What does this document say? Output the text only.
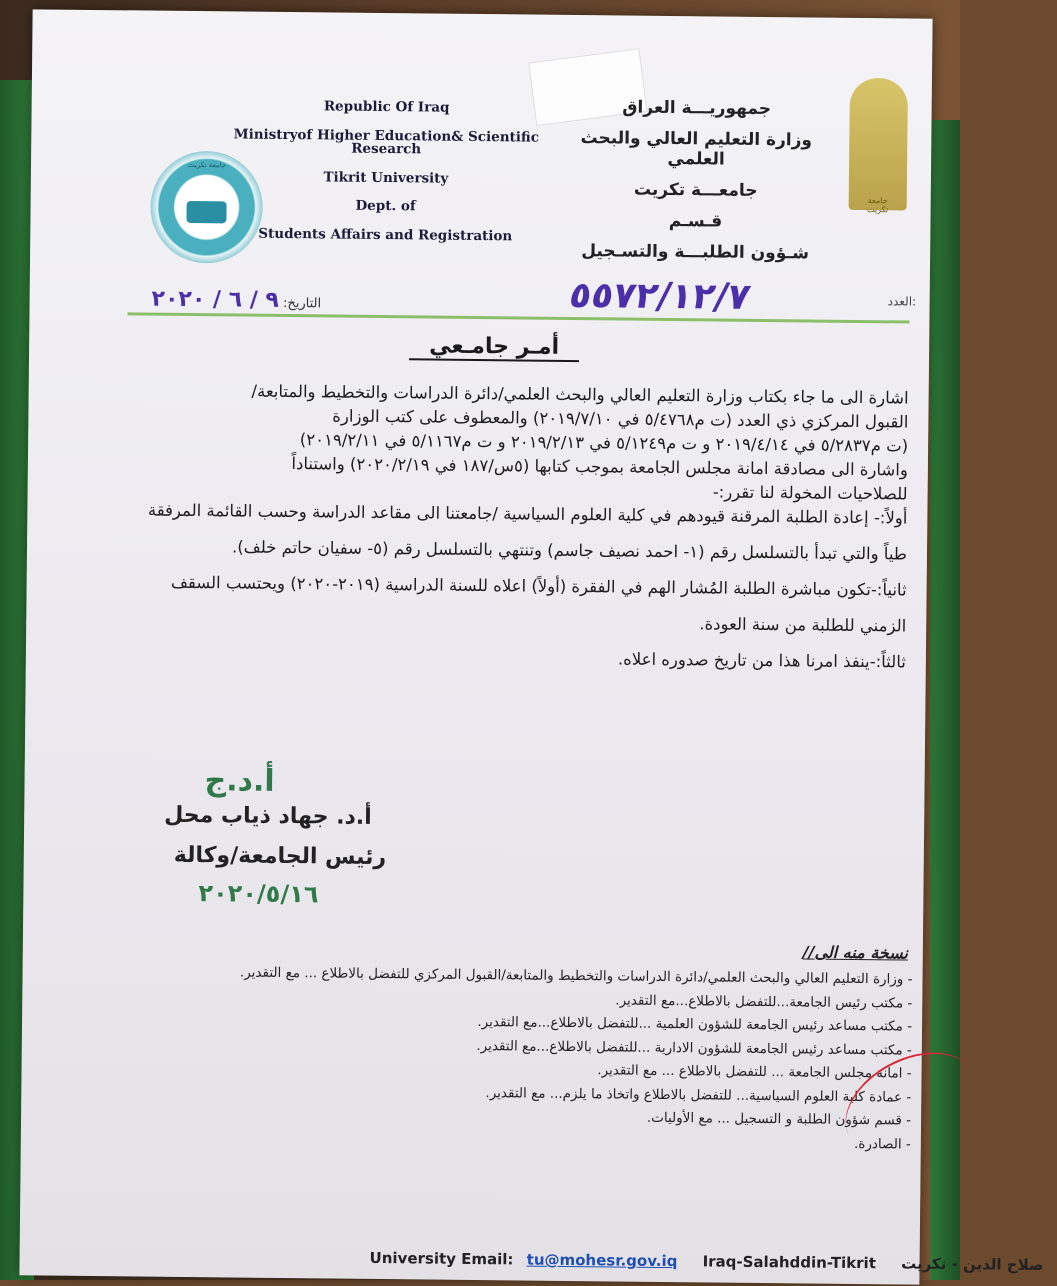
جامعة تكريت
Republic Of Iraq
Ministryof Higher Education& Scientific Research
Tikrit University
Dept. of
Students Affairs and Registration
جمهوريـــة العراق
وزارة التعليم العالي والبحث العلمي
جامعـــة تكريت
قـسـم
شـؤون الطلبـــة والتسـجيل
جامعة تكريت
العدد:
٥٥٧٢/١٢/٧
التاريخ: ٩ / ٦ / ٢٠٢٠
أمـر جامـعي

اشارة الى ما جاء بكتاب وزارة التعليم العالي والبحث العلمي/دائرة الدراسات والتخطيط والمتابعة/

القبول المركزي ذي العدد (ت م٥/٤٧٦٨ في ٢٠١٩/٧/١٠) والمعطوف على كتب الوزارة

(ت م٥/٢٨٣٧ في ٢٠١٩/٤/١٤ و ت م٥/١٢٤٩ في ٢٠١٩/٢/١٣ و ت م٥/١١٦٧ في ٢٠١٩/٢/١١)

واشارة الى مصادقة امانة مجلس الجامعة بموجب كتابها (٥س/١٨٧ في ٢٠٢٠/٢/١٩) واستناداً

للصلاحيات المخولة لنا تقرر:-

أولاً:- إعادة الطلبة المرقنة قيودهم في كلية العلوم السياسية /جامعتنا الى مقاعد الدراسة وحسب القائمة المرفقة

طياً والتي تبدأ بالتسلسل رقم (١- احمد نصيف جاسم) وتنتهي بالتسلسل رقم (٥- سفيان حاتم خلف).

ثانياً:-تكون مباشرة الطلبة المُشار الهم في الفقرة (أولاً) اعلاه للسنة الدراسية (٢٠١٩-٢٠٢٠) ويحتسب السقف

الزمني للطلبة من سنة العودة.

ثالثاً:-ينفذ امرنا هذا من تاريخ صدوره اعلاه.

أ.د.ج
أ.د. جهاد ذياب محل
رئيس الجامعة/وكالة
٢٠٢٠/٥/١٦
نسخة منه الى//
- وزارة التعليم العالي والبحث العلمي/دائرة الدراسات والتخطيط والمتابعة/القبول المركزي للتفضل بالاطلاع ... مع التقدير.
- مكتب رئيس الجامعة...للتفضل بالاطلاع...مع التقدير.
- مكتب مساعد رئيس الجامعة للشؤون العلمية ...للتفضل بالاطلاع...مع التقدير.
- مكتب مساعد رئيس الجامعة للشؤون الادارية ...للتفضل بالاطلاع...مع التقدير.
- امانة مجلس الجامعة ... للتفضل بالاطلاع ... مع التقدير.
- عمادة كلية العلوم السياسية... للتفضل بالاطلاع واتخاذ ما يلزم... مع التقدير.
- قسم شؤون الطلبة و التسجيل ... مع الأوليات.
- الصادرة.
University Email: tu@mohesr.gov.iq Iraq-Salahddin-Tikrit صلاح الدين - تكريت
